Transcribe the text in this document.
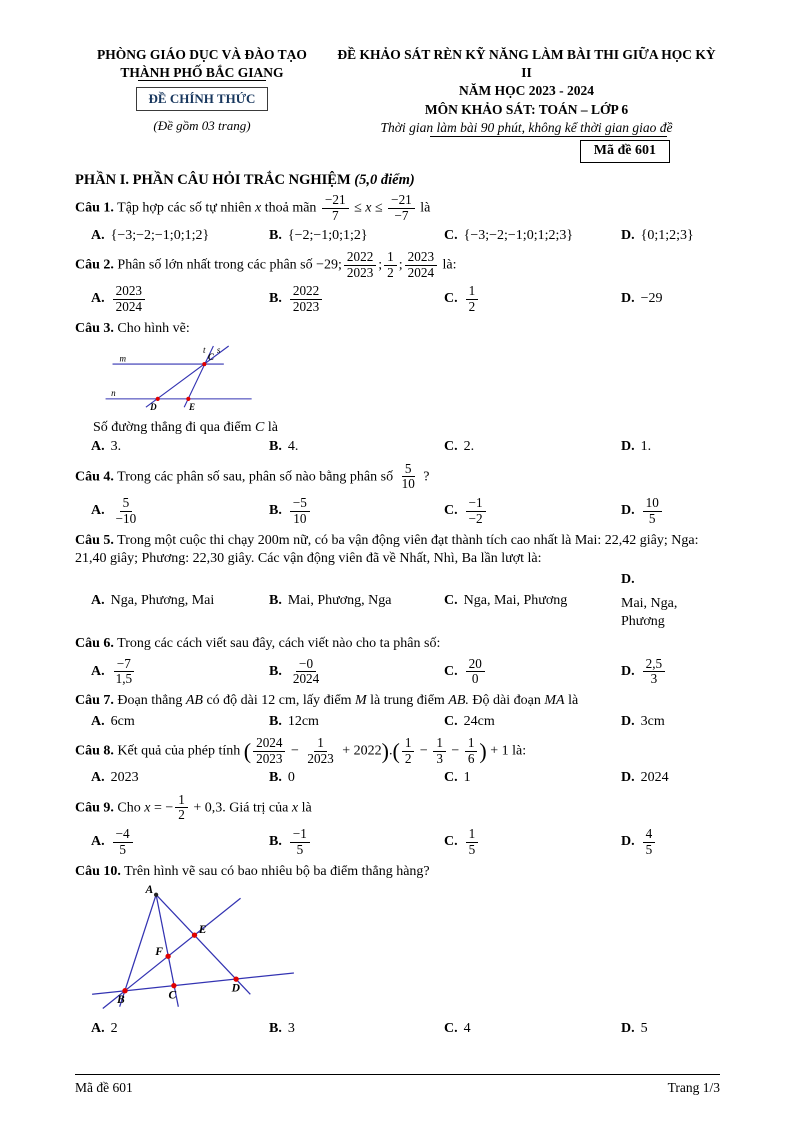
PHÒNG GIÁO DỤC VÀ ĐÀO TẠO
THÀNH PHỐ BẮC GIANG
ĐỀ CHÍNH THỨC
(Đề gồm 03 trang)
ĐỀ KHẢO SÁT RÈN KỸ NĂNG LÀM BÀI THI GIỮA HỌC KỲ II
NĂM HỌC 2023 - 2024
MÔN KHẢO SÁT: TOÁN – LỚP 6
Thời gian làm bài 90 phút, không kể thời gian giao đề
Mã đề 601
PHẦN I. PHẦN CÂU HỎI TRẮC NGHIỆM (5,0 điểm)

Câu 1. Tập hợp các số tự nhiên x thoả mãn $\frac{-21}{7} \le x \le \frac{-21}{-7}$ là

A. {−3;−2;−1;0;1;2}	B. {−2;−1;0;1;2}	C. {−3;−2;−1;0;1;2;3}	D. {0;1;2;3}

Câu 2. Phân số lớn nhất trong các phân số −29; $\frac{2022}{2023}$ ; $\frac{1}{2}$ ; $\frac{2023}{2024}$ là:

A. $\frac{2023}{2024}$	B. $\frac{2022}{2023}$	C. $\frac{1}{2}$	D. −29

Câu 3. Cho hình vẽ:

m
n
t s
C
D E

Số đường thẳng đi qua điểm C là

A. 3.	B. 4.	C. 2.	D. 1.

Câu 4. Trong các phân số sau, phân số nào bằng phân số $\frac{5}{10}$ ?

A. $\frac{5}{-10}$	B. $\frac{-5}{10}$	C. $\frac{-1}{-2}$	D. $\frac{10}{5}$

Câu 5. Trong một cuộc thi chạy 200m nữ, có ba vận động viên đạt thành tích cao nhất là Mai: 22,42 giây; Nga: 21,40 giây; Phương: 22,30 giây. Các vận động viên đã về Nhất, Nhì, Ba lần lượt là:

A. Nga, Phương, Mai	B. Mai, Phương, Nga	C. Nga, Mai, Phương
D.
Mai, Nga, Phương

Câu 6. Trong các cách viết sau đây, cách viết nào cho ta phân số:

A. $\frac{-7}{1,5}$	B. $\frac{-0}{2024}$	C. $\frac{20}{0}$	D. $\frac{2,5}{3}$

Câu 7. Đoạn thẳng AB có độ dài 12 cm, lấy điểm M là trung điểm AB. Độ dài đoạn MA là

A. 6cm	B. 12cm	C. 24cm	D. 3cm

Câu 8. Kết quả của phép tính ( $\frac{2024}{2023} - \frac{1}{2023} + 2022).( \frac{1}{2} - \frac{1}{3} - \frac{1}{6}$ ) + 1 là:

A. 2023	B. 0	C. 1	D. 2024

Câu 9. Cho x = − $\frac{1}{2} + 0,3$. Giá trị của x là

A. $\frac{-4}{5}$	B. $\frac{-1}{5}$	C. $\frac{1}{5}$	D. $\frac{4}{5}$

Câu 10. Trên hình vẽ sau có bao nhiêu bộ ba điểm thẳng hàng?

A
B	C
D
E
F
A. 2	B. 3	C. 4	D. 5
Mã đề 601	Trang 1/3
